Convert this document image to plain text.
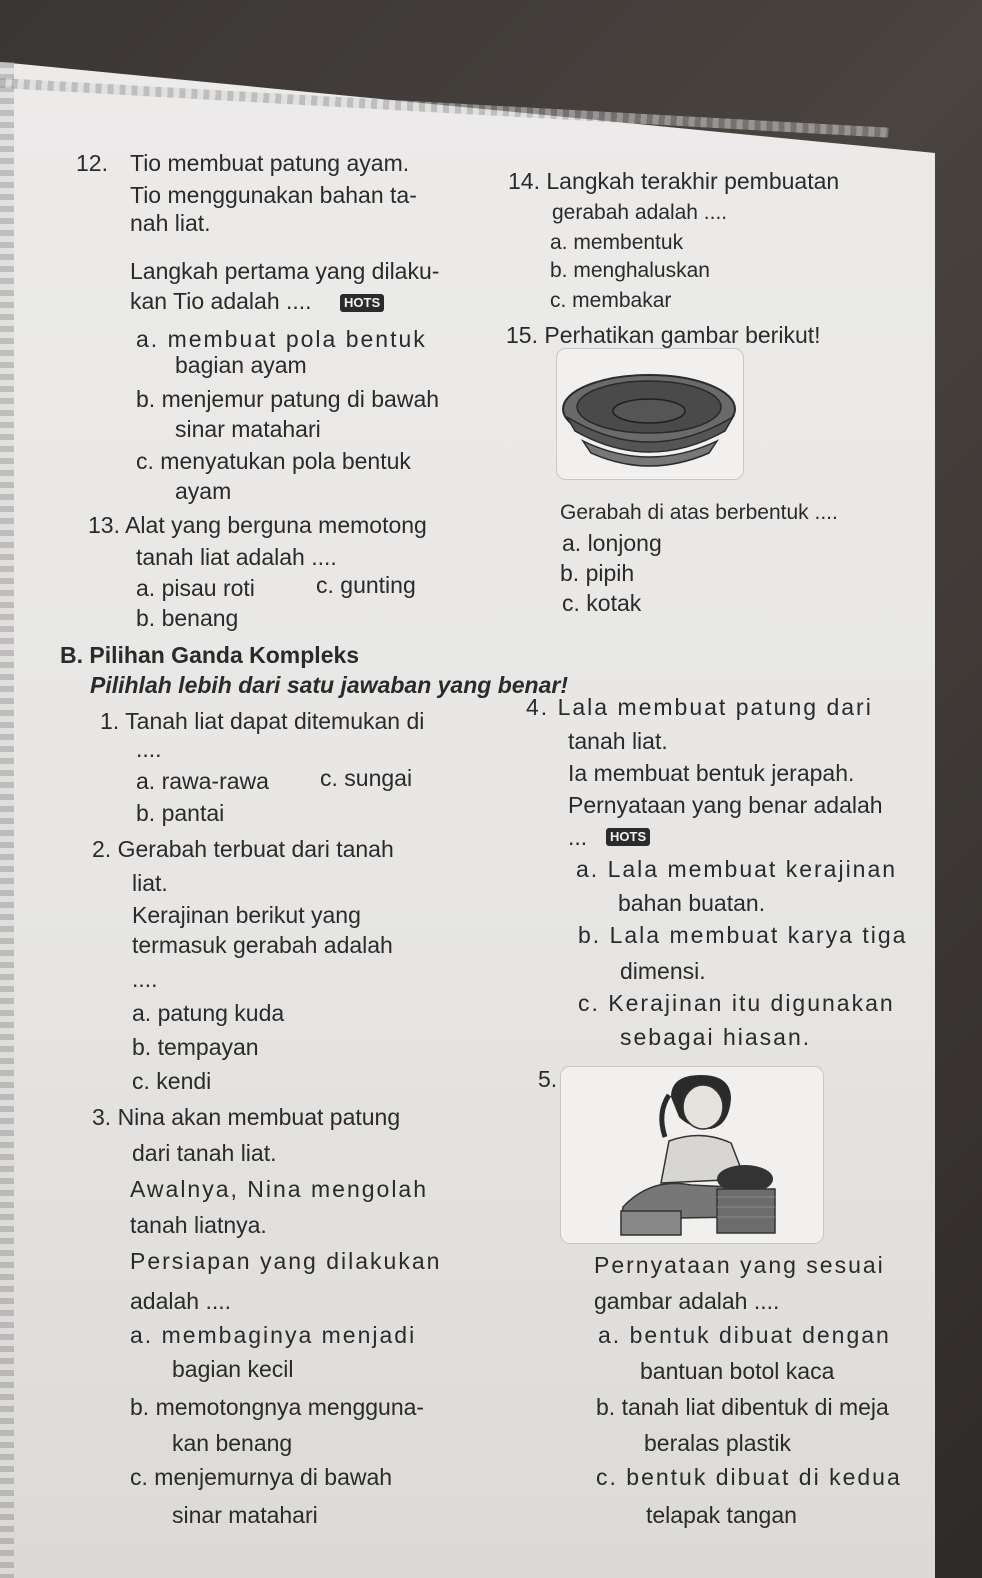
12. Tio membuat patung ayam.
Tio menggunakan bahan ta-
nah liat.
Langkah pertama yang dilaku-
kan Tio adalah ....	HOTS
a. membuat pola bentuk
bagian ayam
b. menjemur patung di bawah
sinar matahari
c. menyatukan pola bentuk
ayam
13. Alat yang berguna memotong
tanah liat adalah ....
a. pisau roti	c. gunting
b. benang
B. Pilihan Ganda Kompleks
Pilihlah lebih dari satu jawaban yang benar!
1. Tanah liat dapat ditemukan di
....
a. rawa-rawa c. sungai
b. pantai
2. Gerabah terbuat dari tanah
liat.
Kerajinan berikut yang
termasuk gerabah adalah
....
a. patung kuda
b. tempayan
c. kendi
3. Nina akan membuat patung
dari tanah liat.
Awalnya, Nina mengolah
tanah liatnya.
Persiapan yang dilakukan
adalah ....
a. membaginya menjadi
bagian kecil
b. memotongnya mengguna-
kan benang
c. menjemurnya di bawah
sinar matahari
14. Langkah terakhir pembuatan
gerabah adalah ....
a. membentuk
b. menghaluskan
c. membakar
15. Perhatikan gambar berikut!
Gerabah di atas berbentuk ....
a. lonjong
b. pipih
c. kotak
4. Lala membuat patung dari
tanah liat.
Ia membuat bentuk jerapah.
Pernyataan yang benar adalah
...	HOTS
a. Lala membuat kerajinan
bahan buatan.
b. Lala membuat karya tiga
dimensi.
c. Kerajinan itu digunakan
sebagai hiasan.
5.
Pernyataan yang sesuai
gambar adalah ....
a. bentuk dibuat dengan
bantuan botol kaca
b. tanah liat dibentuk di meja
beralas plastik
c. bentuk dibuat di kedua
telapak tangan
